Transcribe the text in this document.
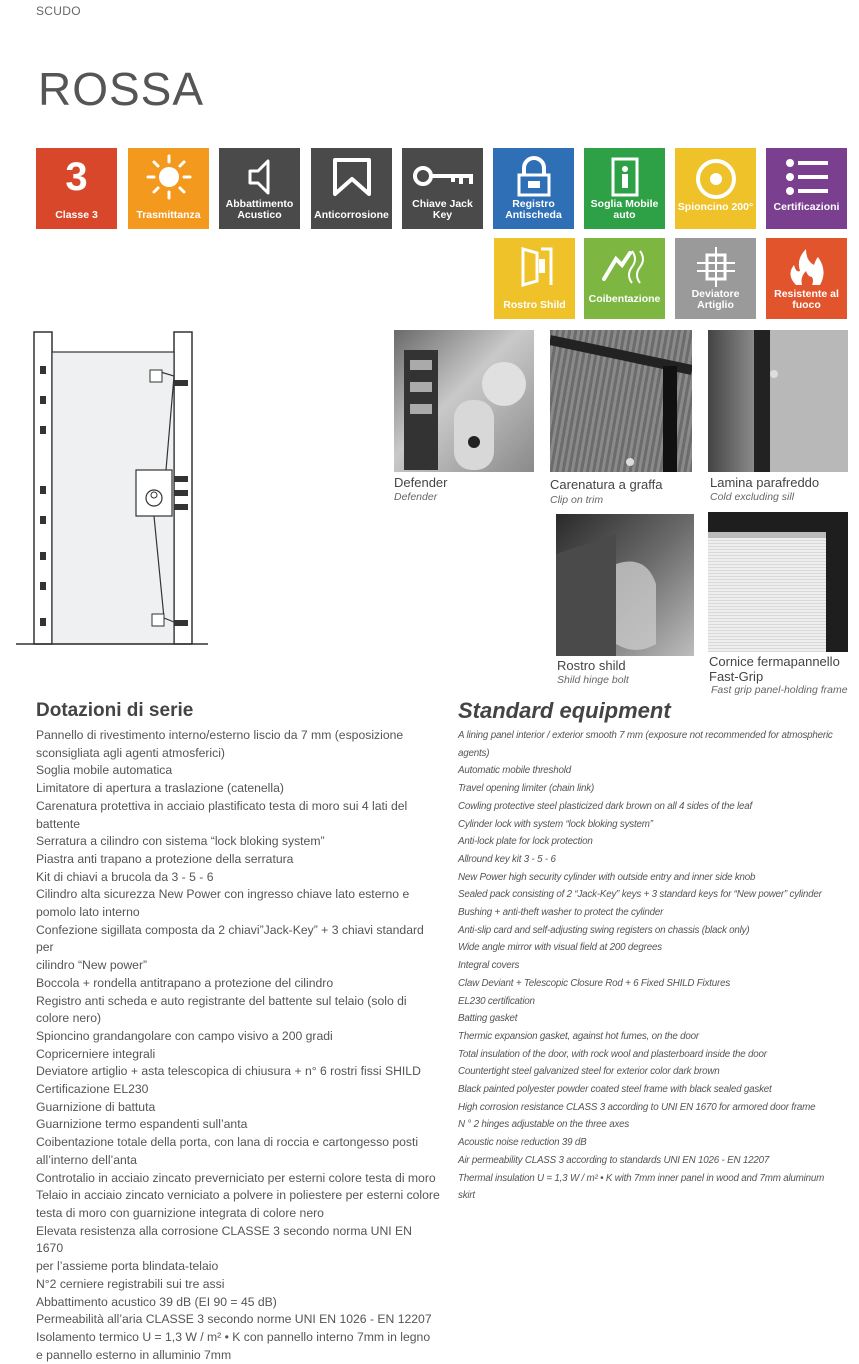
SCUDO
ROSSA
3
Classe 3	Trasmittanza
Abbattimento Acustico	Anticorrosione
Chiave Jack Key
Registro Antischeda
Soglia Mobile auto
Spioncino 200°	Certificazioni
Rostro Shild	Coibentazione	Deviatore Artiglio
Resistente al fuoco
Defender
Defender
Carenatura a graffa
Clip on trim
Lamina parafreddo
Cold excluding sill
Rostro shild
Shild hinge bolt
Cornice fermapannello Fast-Grip
Fast grip panel-holding frame
Dotazioni di serie	Standard equipment
Pannello di rivestimento interno/esterno liscio da 7 mm (esposizione
sconsigliata agli agenti atmosferici)
Soglia mobile automatica
Limitatore di apertura a traslazione (catenella)
Carenatura protettiva in acciaio plastificato testa di moro sui 4 lati del battente
Serratura a cilindro con sistema “lock bloking system”
Piastra anti trapano a protezione della serratura
Kit di chiavi a brucola da 3 - 5 - 6
Cilindro alta sicurezza New Power con ingresso chiave lato esterno e
pomolo lato interno
Confezione sigillata composta da 2 chiavi”Jack-Key” + 3 chiavi standard per
cilindro “New power”
Boccola + rondella antitrapano a protezione del cilindro
Registro anti scheda e auto registrante del battente sul telaio (solo di colore nero)
Spioncino grandangolare con campo visivo a 200 gradi
Copricerniere integrali
Deviatore artiglio + asta telescopica di chiusura + n° 6 rostri fissi SHILD
Certificazione EL230
Guarnizione di battuta
Guarnizione termo espandenti sull’anta
Coibentazione totale della porta, con lana di roccia e cartongesso posti all’interno dell’anta
Controtalio in acciaio zincato preverniciato per esterni colore testa di moro
Telaio in acciaio zincato verniciato a polvere in poliestere per esterni colore
testa di moro con guarnizione integrata di colore nero
Elevata resistenza alla corrosione CLASSE 3 secondo norma UNI EN 1670
per l’assieme porta blindata-telaio
N°2 cerniere registrabili sui tre assi
Abbattimento acustico 39 dB (EI 90 = 45 dB)
Permeabilità all’aria CLASSE 3 secondo norme UNI EN 1026 - EN 12207
Isolamento termico U = 1,3 W / m² • K con pannello interno 7mm in legno
e pannello esterno in alluminio 7mm
A lining panel interior / exterior smooth 7 mm (exposure not recommended for atmospheric
agents)
Automatic mobile threshold
Travel opening limiter (chain link)
Cowling protective steel plasticized dark brown on all 4 sides of the leaf
Cylinder lock with system “lock bloking system”
Anti-lock plate for lock protection
Allround key kit 3 - 5 - 6
New Power high security cylinder with outside entry and inner side knob
Sealed pack consisting of 2 “Jack-Key” keys + 3 standard keys for “New power” cylinder
Bushing + anti-theft washer to protect the cylinder
Anti-slip card and self-adjusting swing registers on chassis (black only)
Wide angle mirror with visual field at 200 degrees
Integral covers
Claw Deviant + Telescopic Closure Rod + 6 Fixed SHILD Fixtures
EL230 certification
Batting gasket
Thermic expansion gasket, against hot fumes, on the door
Total insulation of the door, with rock wool and plasterboard inside the door
Countertight steel galvanized steel for exterior color dark brown
Black painted polyester powder coated steel frame with black sealed gasket
High corrosion resistance CLASS 3 according to UNI EN 1670 for armored door frame
N ° 2 hinges adjustable on the three axes
Acoustic noise reduction 39 dB
Air permeability CLASS 3 according to standards UNI EN 1026 - EN 12207
Thermal insulation U = 1,3 W / m² • K with 7mm inner panel in wood and 7mm aluminum
skirt
